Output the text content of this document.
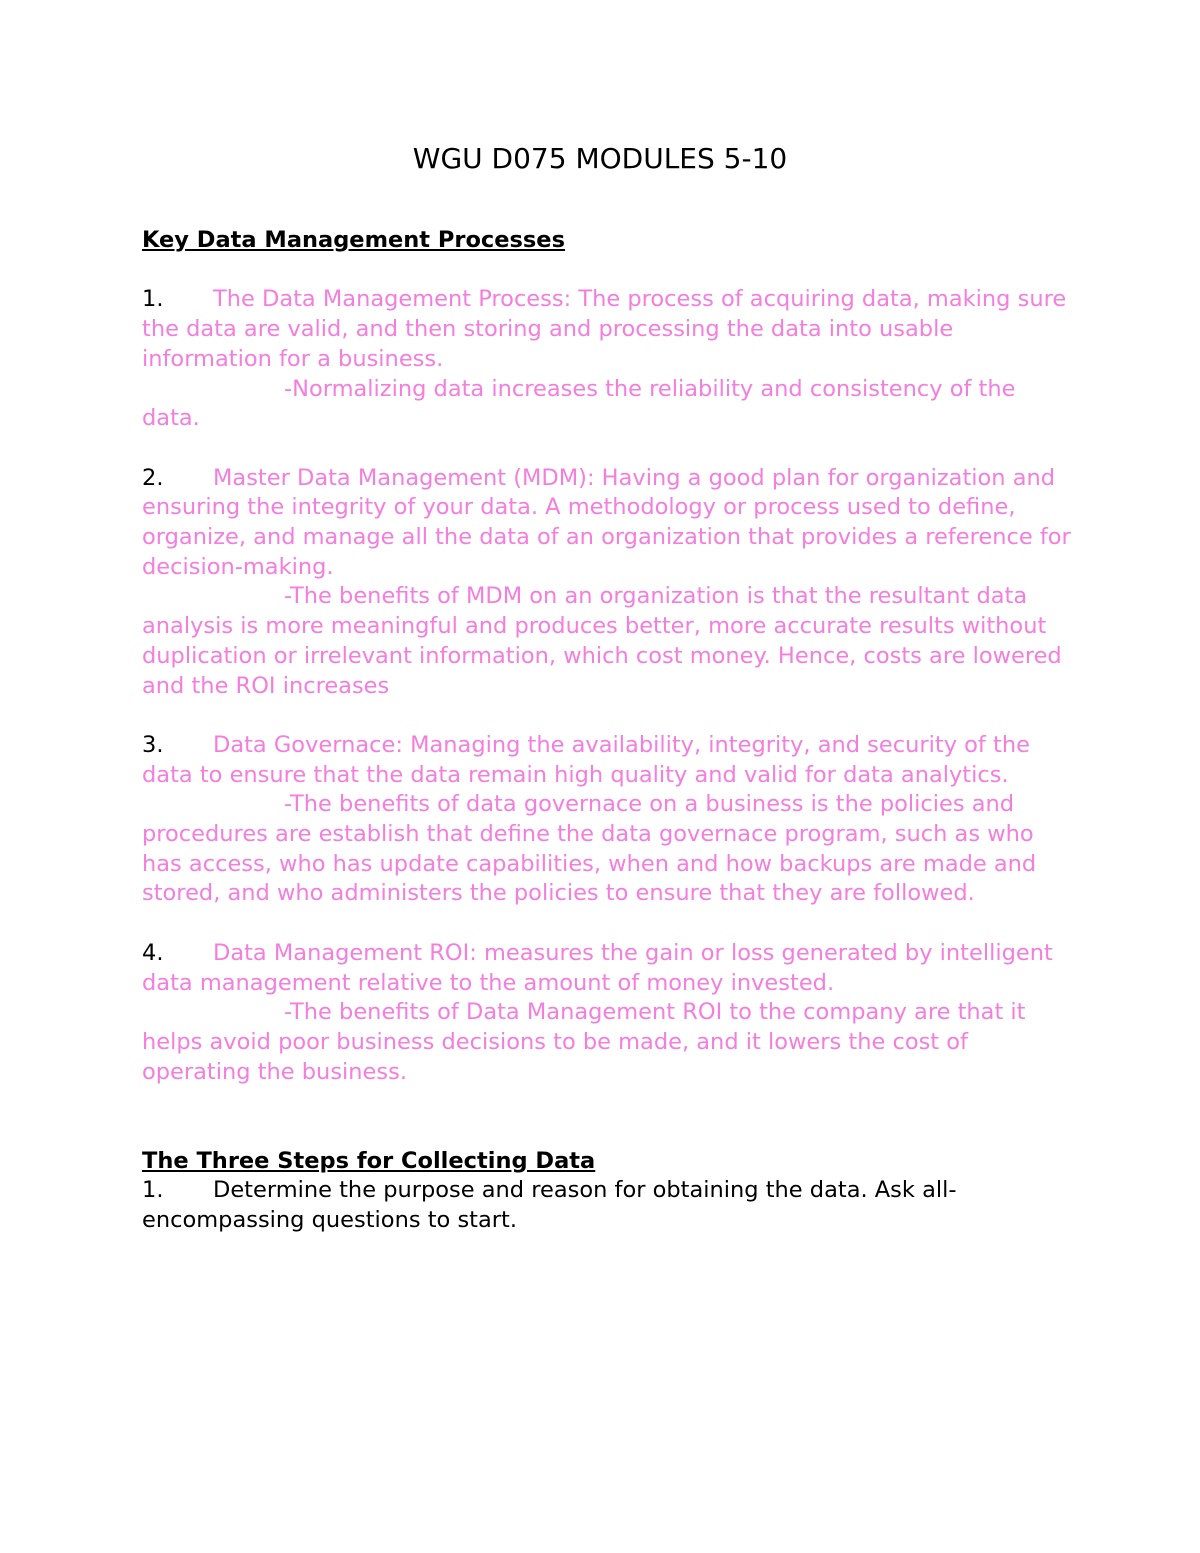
WGU D075 MODULES 5-10

Key Data Management Processes

1. The Data Management Process: The process of acquiring data, making sure the data are valid, and then storing and processing the data into usable information for a business.

-Normalizing data increases the reliability and consistency of the data.

2. Master Data Management (MDM): Having a good plan for organization and ensuring the integrity of your data. A methodology or process used to define, organize, and manage all the data of an organization that provides a reference for decision-making.

-The benefits of MDM on an organization is that the resultant data analysis is more meaningful and produces better, more accurate results without duplication or irrelevant information, which cost money. Hence, costs are lowered and the ROI increases

3. Data Governace: Managing the availability, integrity, and security of the data to ensure that the data remain high quality and valid for data analytics.

-The benefits of data governace on a business is the policies and procedures are establish that define the data governace program, such as who has access, who has update capabilities, when and how backups are made and stored, and who administers the policies to ensure that they are followed.

4. Data Management ROI: measures the gain or loss generated by intelligent data management relative to the amount of money invested.

-The benefits of Data Management ROI to the company are that it helps avoid poor business decisions to be made, and it lowers the cost of operating the business.

The Three Steps for Collecting Data

1. Determine the purpose and reason for obtaining the data. Ask all-encompassing questions to start.
